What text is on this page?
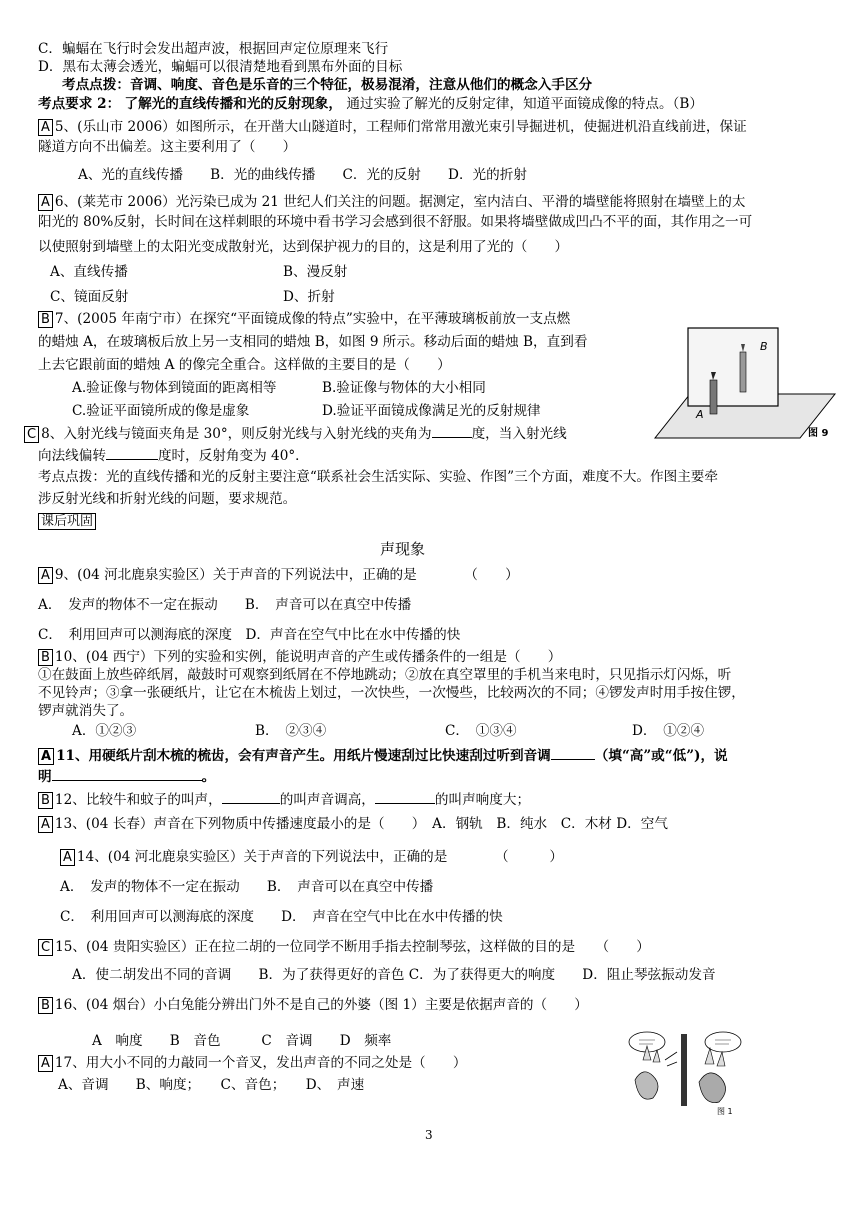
C．蝙蝠在飞行时会发出超声波，根据回声定位原理来飞行
D．黑布太薄会透光，蝙蝠可以很清楚地看到黑布外面的目标
考点点拨：音调、响度、音色是乐音的三个特征，极易混淆，注意从他们的概念入手区分
考点要求 2： 了解光的直线传播和光的反射现象， 通过实验了解光的反射定律，知道平面镜成像的特点。（B）
A 5、(乐山市 2006）如图所示，在开凿大山隧道时，工程师们常常用激光束引导掘进机，使掘进机沿直线前进，保证
隧道方向不出偏差。这主要利用了（　　）
A、光的直线传播　　B．光的曲线传播　　C．光的反射　　D．光的折射
A 6、(莱芜市 2006）光污染已成为 21 世纪人们关注的问题。据测定，室内洁白、平滑的墙壁能将照射在墙壁上的太
阳光的 80%反射，长时间在这样刺眼的环境中看书学习会感到很不舒服。如果将墙壁做成凹凸不平的面，其作用之一可
以使照射到墙壁上的太阳光变成散射光，达到保护视力的目的，这是利用了光的（　　）
A、直线传播	B、漫反射
C、镜面反射	D、折射
B 7、(2005 年南宁市）在探究“平面镜成像的特点”实验中，在平薄玻璃板前放一支点燃
的蜡烛 A，在玻璃板后放上另一支相同的蜡烛 B，如图 9 所示。移动后面的蜡烛 B，直到看
上去它跟前面的蜡烛 A 的像完全重合。这样做的主要目的是（　　）
A.验证像与物体到镜面的距离相等	B.验证像与物体的大小相同
C.验证平面镜所成的像是虚象	D.验证平面镜成像满足光的反射规律
B
A
图 9
C 8、入射光线与镜面夹角是 30°，则反射光线与入射光线的夹角为	度，当入射光线
向法线偏转	度时，反射角变为 40°．
考点点拨：光的直线传播和光的反射主要注意“联系社会生活实际、实验、作图”三个方面，难度不大。作图主要牵
涉反射光线和折射光线的问题，要求规范。
课后巩固
声现象
A 9、(04 河北鹿泉实验区）关于声音的下列说法中，正确的是　　　　（　　）
A．　发声的物体不一定在振动　　B．　声音可以在真空中传播
C．　利用回声可以测海底的深度　D．声音在空气中比在水中传播的快
B 10、(04 西宁）下列的实验和实例，能说明声音的产生或传播条件的一组是（　　）
①在鼓面上放些碎纸屑，敲鼓时可观察到纸屑在不停地跳动；②放在真空罩里的手机当来电时，只见指示灯闪烁，听
不见铃声；③拿一张硬纸片，让它在木梳齿上划过，一次快些，一次慢些，比较两次的不同；④锣发声时用手按住锣，
锣声就消失了。
A．①②③	B．　②③④	C．　①③④	D．　①②④
A 11、用硬纸片刮木梳的梳齿，会有声音产生。用纸片慢速刮过比快速刮过听到音调	（填“高”或“低”)，说
明	。
B 12、比较牛和蚊子的叫声，	的叫声音调高，	的叫声响度大；
A 13、(04 长春）声音在下列物质中传播速度最小的是（　　）　A．钢轨　B．纯水　C．木材 D．空气
A 14、(04 河北鹿泉实验区）关于声音的下列说法中，正确的是　　　　（　　　）
A．　发声的物体不一定在振动　　B．　声音可以在真空中传播
C．　利用回声可以测海底的深度　　D．　声音在空气中比在水中传播的快
C 15、(04 贵阳实验区）正在拉二胡的一位同学不断用手指去控制琴弦，这样做的目的是　　（　　）
A．使二胡发出不同的音调　　B．为了获得更好的音色 C．为了获得更大的响度　　D．阻止琴弦振动发音
B 16、(04 烟台）小白兔能分辨出门外不是自己的外婆（图 1）主要是依据声音的（　　）
A　响度　　B　音色　　　C　音调　　D　频率
图 1
A 17、用大小不同的力敲同一个音叉，发出声音的不同之处是（　　）
A、音调　　B、响度；　　C、音色；　　D、　声速
3
